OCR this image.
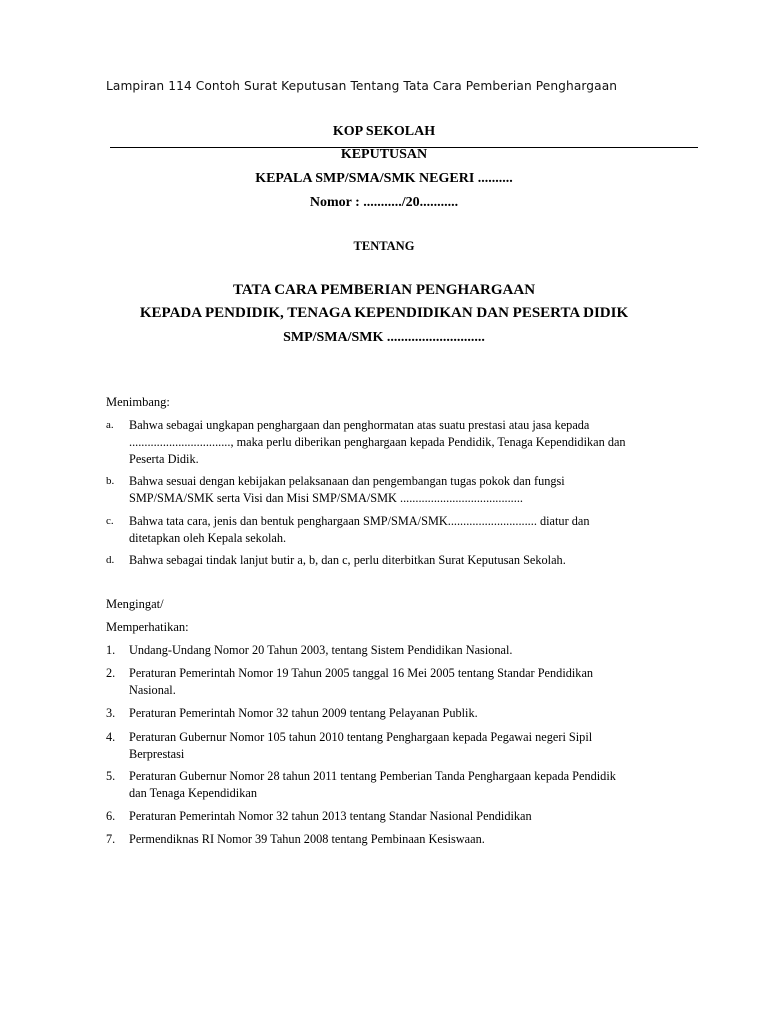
Lampiran 114 Contoh Surat Keputusan Tentang Tata Cara Pemberian Penghargaan
KOP SEKOLAH
KEPUTUSAN
KEPALA SMP/SMA/SMK NEGERI ..........
Nomor : .........../20...........
TENTANG
TATA CARA PEMBERIAN PENGHARGAAN
KEPADA PENDIDIK, TENAGA KEPENDIDIKAN DAN PESERTA DIDIK
SMP/SMA/SMK ............................
Menimbang:
a. Bahwa sebagai ungkapan penghargaan dan penghormatan atas suatu prestasi atau jasa kepada
................................., maka perlu diberikan penghargaan kepada Pendidik, Tenaga Kependidikan dan
Peserta Didik.
b. Bahwa sesuai dengan kebijakan pelaksanaan dan pengembangan tugas pokok dan fungsi
SMP/SMA/SMK serta Visi dan Misi SMP/SMA/SMK ........................................
c. Bahwa tata cara, jenis dan bentuk penghargaan SMP/SMA/SMK............................. diatur dan
ditetapkan oleh Kepala sekolah.
d. Bahwa sebagai tindak lanjut butir a, b, dan c, perlu diterbitkan Surat Keputusan Sekolah.
Mengingat/
Memperhatikan:
1. Undang-Undang Nomor 20 Tahun 2003, tentang Sistem Pendidikan Nasional.
2. Peraturan Pemerintah Nomor 19 Tahun 2005 tanggal 16 Mei 2005 tentang Standar Pendidikan
Nasional.
3. Peraturan Pemerintah Nomor 32 tahun 2009 tentang Pelayanan Publik.
4. Peraturan Gubernur Nomor 105 tahun 2010 tentang Penghargaan kepada Pegawai negeri Sipil
Berprestasi
5. Peraturan Gubernur Nomor 28 tahun 2011 tentang Pemberian Tanda Penghargaan kepada Pendidik
dan Tenaga Kependidikan
6. Peraturan Pemerintah Nomor 32 tahun 2013 tentang Standar Nasional Pendidikan
7. Permendiknas RI Nomor 39 Tahun 2008 tentang Pembinaan Kesiswaan.
